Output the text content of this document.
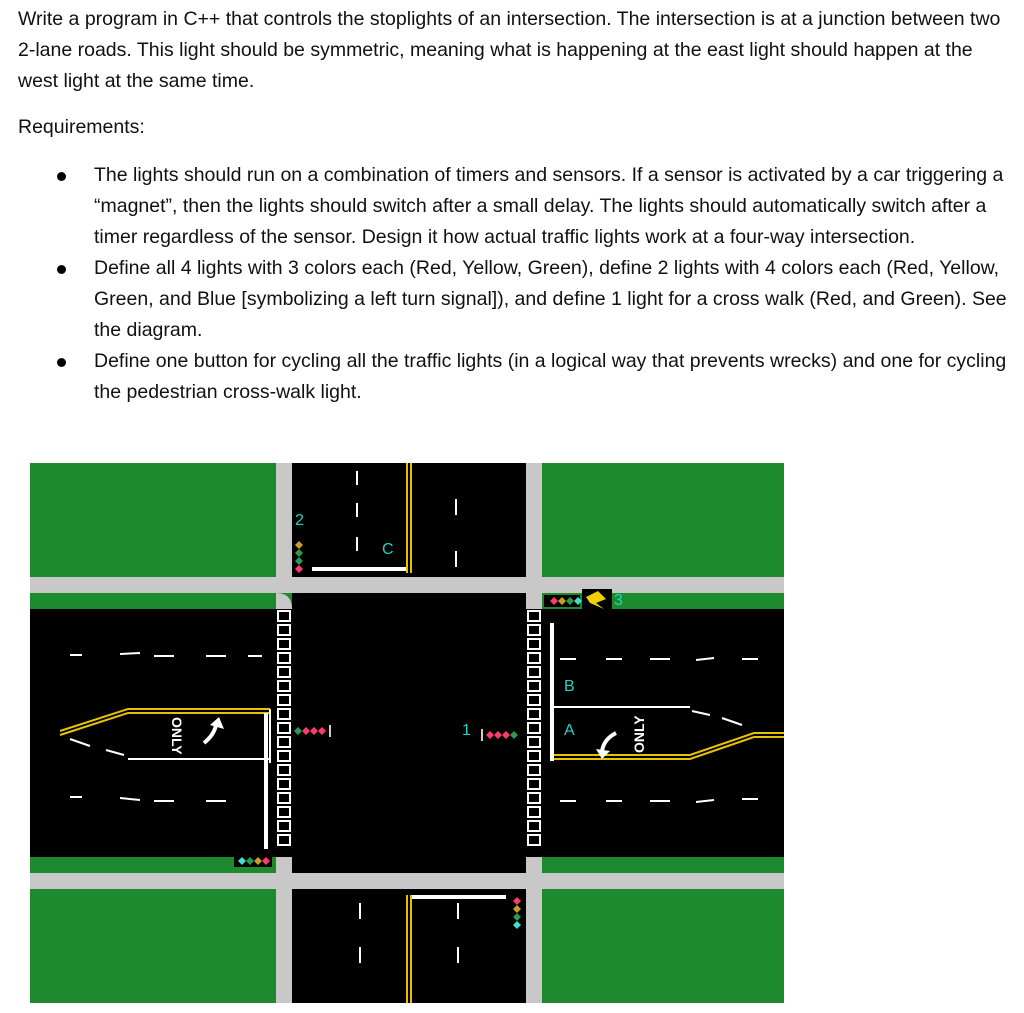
Write a program in C++ that controls the stoplights of an intersection. The intersection is at a junction between two 2-lane roads. This light should be symmetric, meaning what is happening at the east light should happen at the west light at the same time.

Requirements:

The lights should run on a combination of timers and sensors. If a sensor is activated by a car triggering a “magnet”, then the lights should switch after a small delay. The lights should automatically switch after a timer regardless of the sensor. Design it how actual traffic lights work at a four-way intersection.
Define all 4 lights with 3 colors each (Red, Yellow, Green), define 2 lights with 4 colors each (Red, Yellow, Green, and Blue [symbolizing a left turn signal]), and define 1 light for a cross walk (Red, and Green). See the diagram.
Define one button for cycling all the traffic lights (in a logical way that prevents wrecks) and one for cycling the pedestrian cross-walk light.
ONLY	ONLY
2
3
1
C
B
A
